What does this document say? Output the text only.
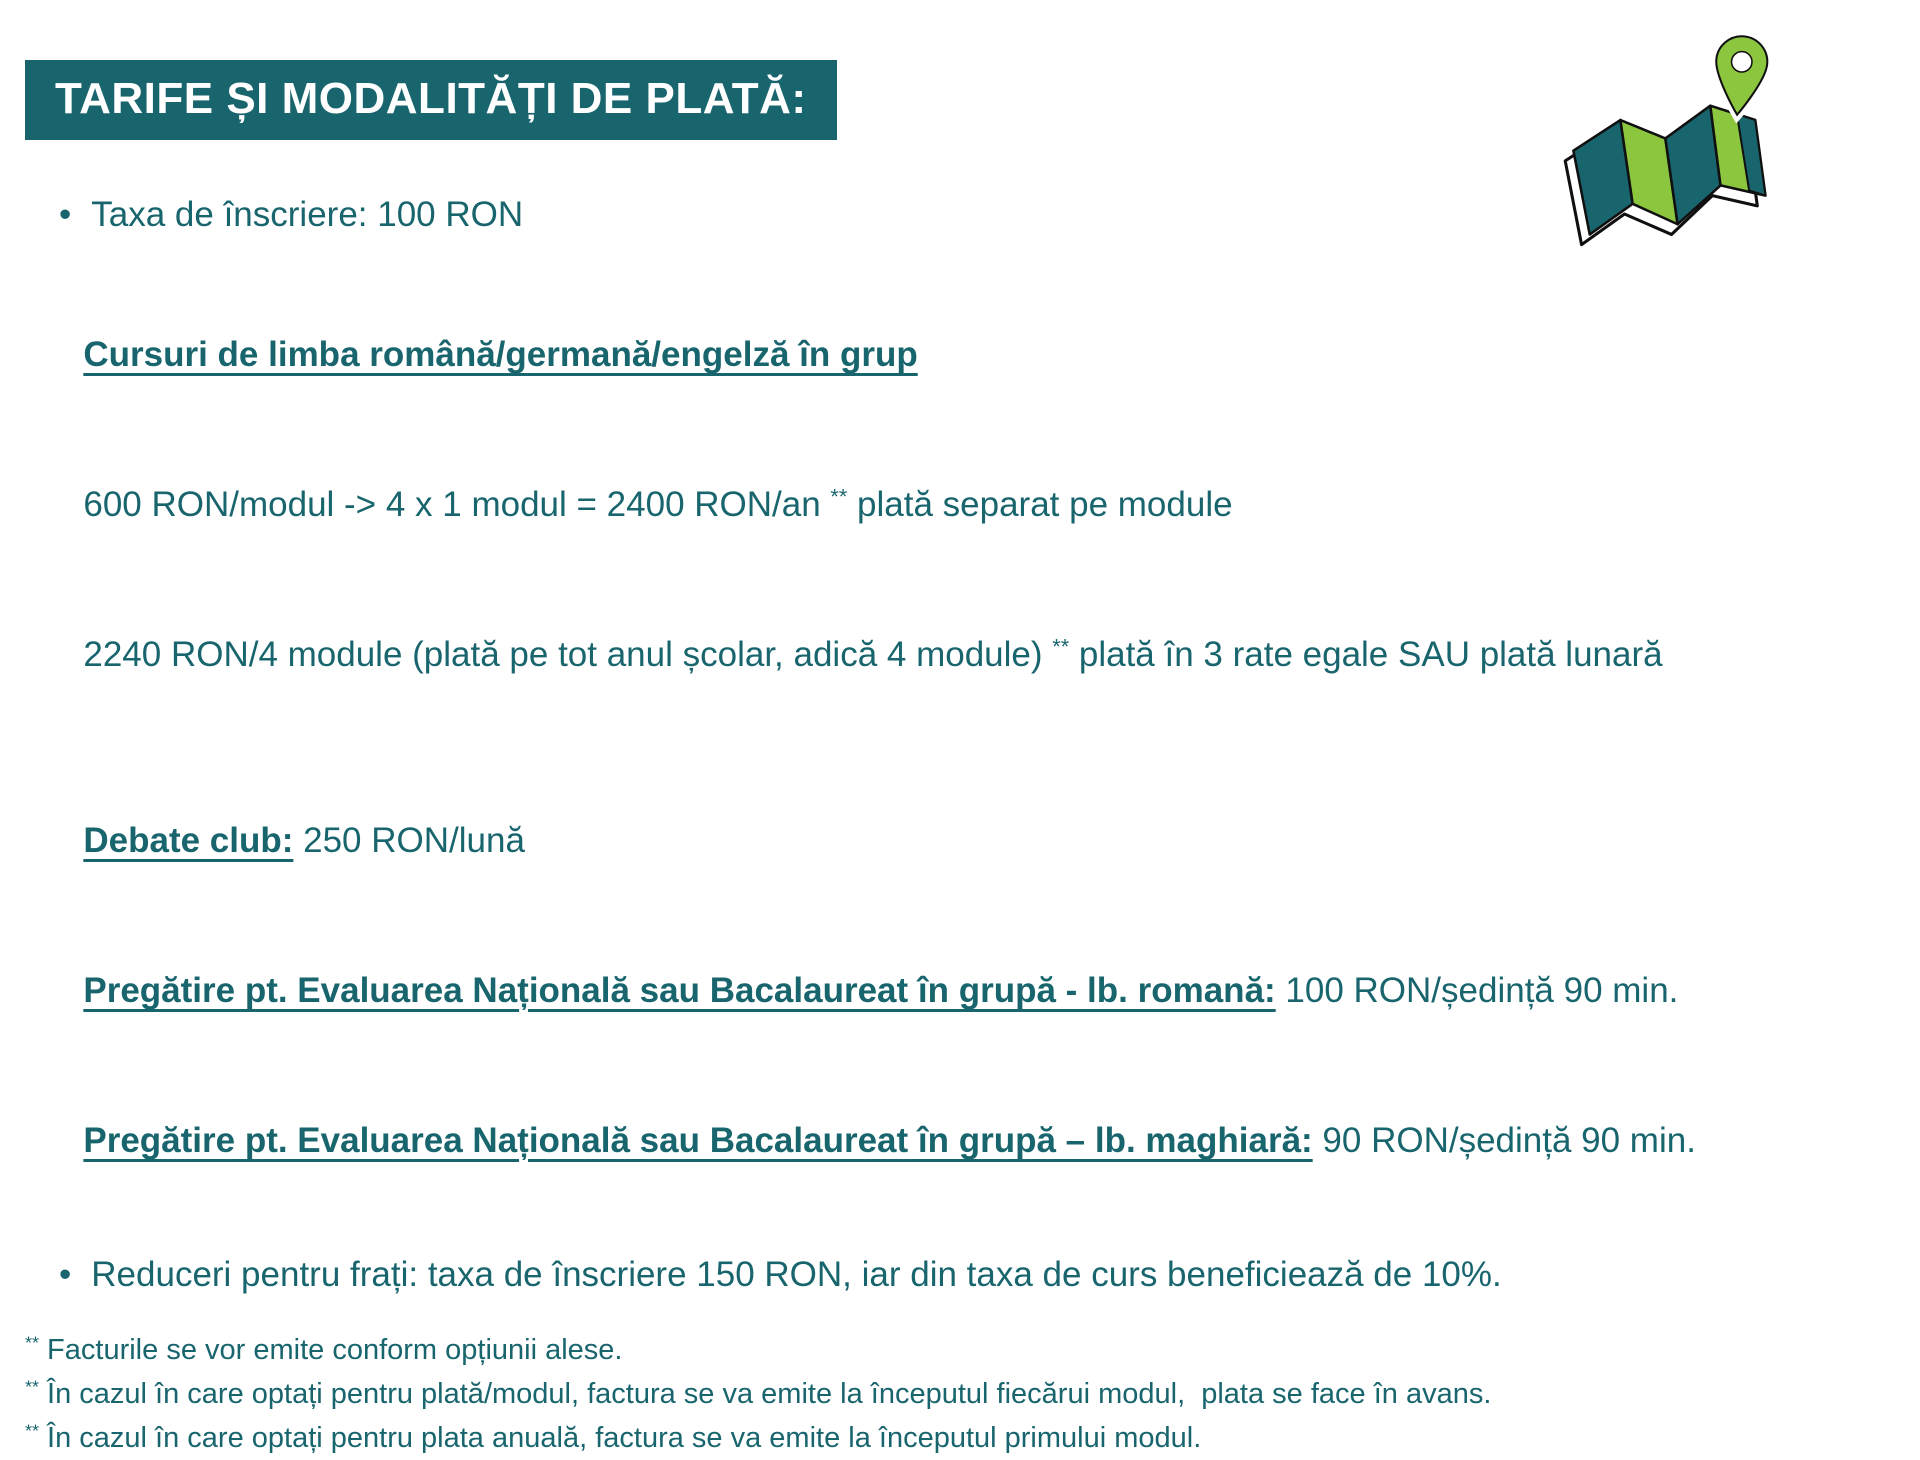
TARIFE ȘI MODALITĂȚI DE PLATĂ:

• Taxa de înscriere: 100 RON

Cursuri de limba română/germană/engelză în grup

600 RON/modul -> 4 x 1 modul = 2400 RON/an ** plată separat pe module

2240 RON/4 module (plată pe tot anul școlar, adică 4 module) ** plată în 3 rate egale SAU plată lunară

Debate club: 250 RON/lună

Pregătire pt. Evaluarea Națională sau Bacalaureat în grupă - lb. romană: 100 RON/ședință 90 min.

Pregătire pt. Evaluarea Națională sau Bacalaureat în grupă – lb. maghiară: 90 RON/ședință 90 min.

• Reduceri pentru frați: taxa de înscriere 150 RON, iar din taxa de curs beneficiează de 10%.

** Facturile se vor emite conform opțiunii alese.

** În cazul în care optați pentru plată/modul, factura se va emite la începutul fiecărui modul,  plata se face în avans.

** În cazul în care optați pentru plata anuală, factura se va emite la începutul primului modul.
